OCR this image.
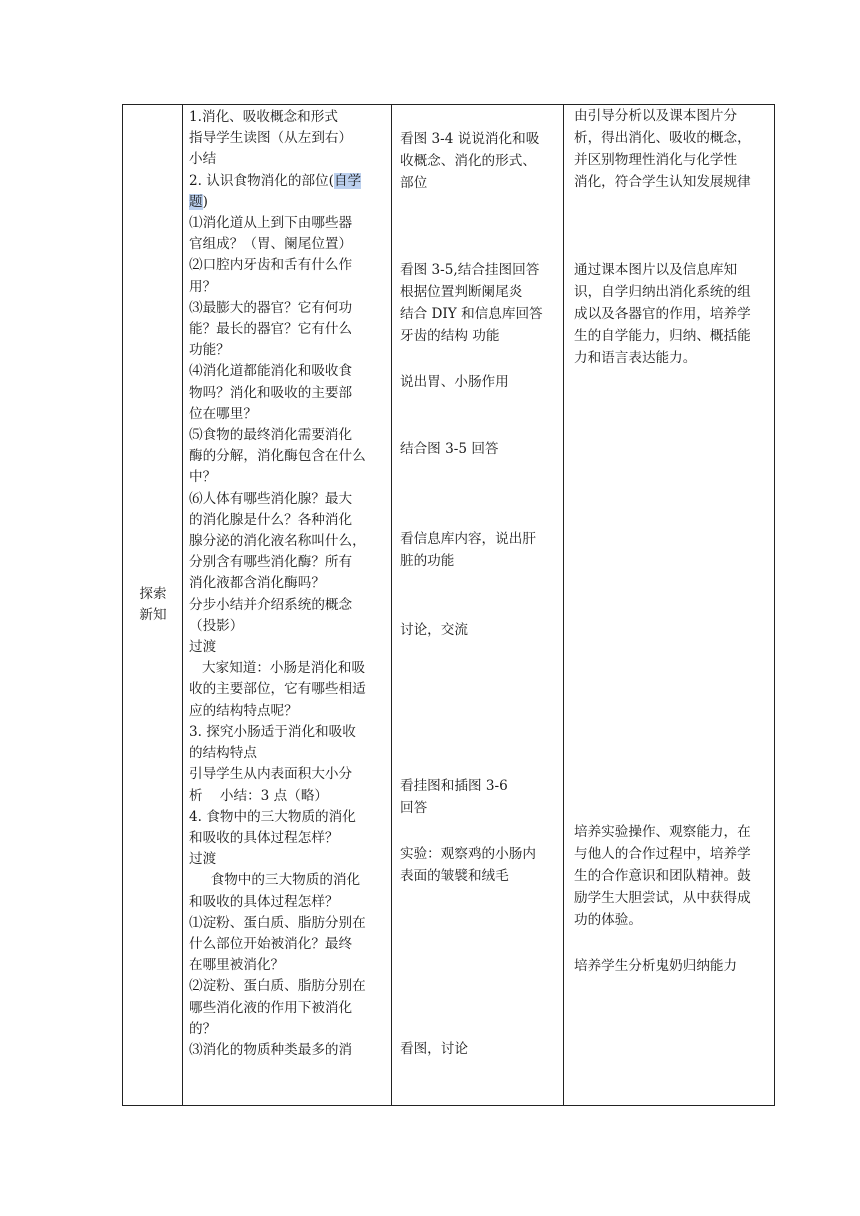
探索
新知
1.消化、吸收概念和形式
指导学生读图（从左到右）
小结
2. 认识食物消化的部位(自学
题)
⑴消化道从上到下由哪些器
官组成？（胃、阑尾位置）
⑵口腔内牙齿和舌有什么作
用？
⑶最膨大的器官？它有何功
能？最长的器官？它有什么
功能？
⑷消化道都能消化和吸收食
物吗？消化和吸收的主要部
位在哪里？
⑸食物的最终消化需要消化
酶的分解，消化酶包含在什么
中？
⑹人体有哪些消化腺？最大
的消化腺是什么？各种消化
腺分泌的消化液名称叫什么，
分别含有哪些消化酶？所有
消化液都含消化酶吗？
分步小结并介绍系统的概念
（投影）
过渡
大家知道：小肠是消化和吸
收的主要部位，它有哪些相适
应的结构特点呢？
3. 探究小肠适于消化和吸收
的结构特点
引导学生从内表面积大小分
析    小结：3 点（略）
4. 食物中的三大物质的消化
和吸收的具体过程怎样？
过渡
食物中的三大物质的消化
和吸收的具体过程怎样？
⑴淀粉、蛋白质、脂肪分别在
什么部位开始被消化？最终
在哪里被消化？
⑵淀粉、蛋白质、脂肪分别在
哪些消化液的作用下被消化
的？
⑶消化的物质种类最多的消
看图 3-4 说说消化和吸
收概念、消化的形式、
部位
看图 3-5,结合挂图回答
根据位置判断阑尾炎
结合 DIY 和信息库回答
牙齿的结构 功能
说出胃、小肠作用
结合图 3-5 回答
看信息库内容，说出肝
脏的功能
讨论，交流
看挂图和插图 3-6
回答
实验：观察鸡的小肠内
表面的皱襞和绒毛
看图，讨论
由引导分析以及课本图片分
析，得出消化、吸收的概念，
并区别物理性消化与化学性
消化，符合学生认知发展规律
通过课本图片以及信息库知
识，自学归纳出消化系统的组
成以及各器官的作用，培养学
生的自学能力，归纳、概括能
力和语言表达能力。
培养实验操作、观察能力，在
与他人的合作过程中，培养学
生的合作意识和团队精神。鼓
励学生大胆尝试，从中获得成
功的体验。
培养学生分析鬼奶归纳能力
